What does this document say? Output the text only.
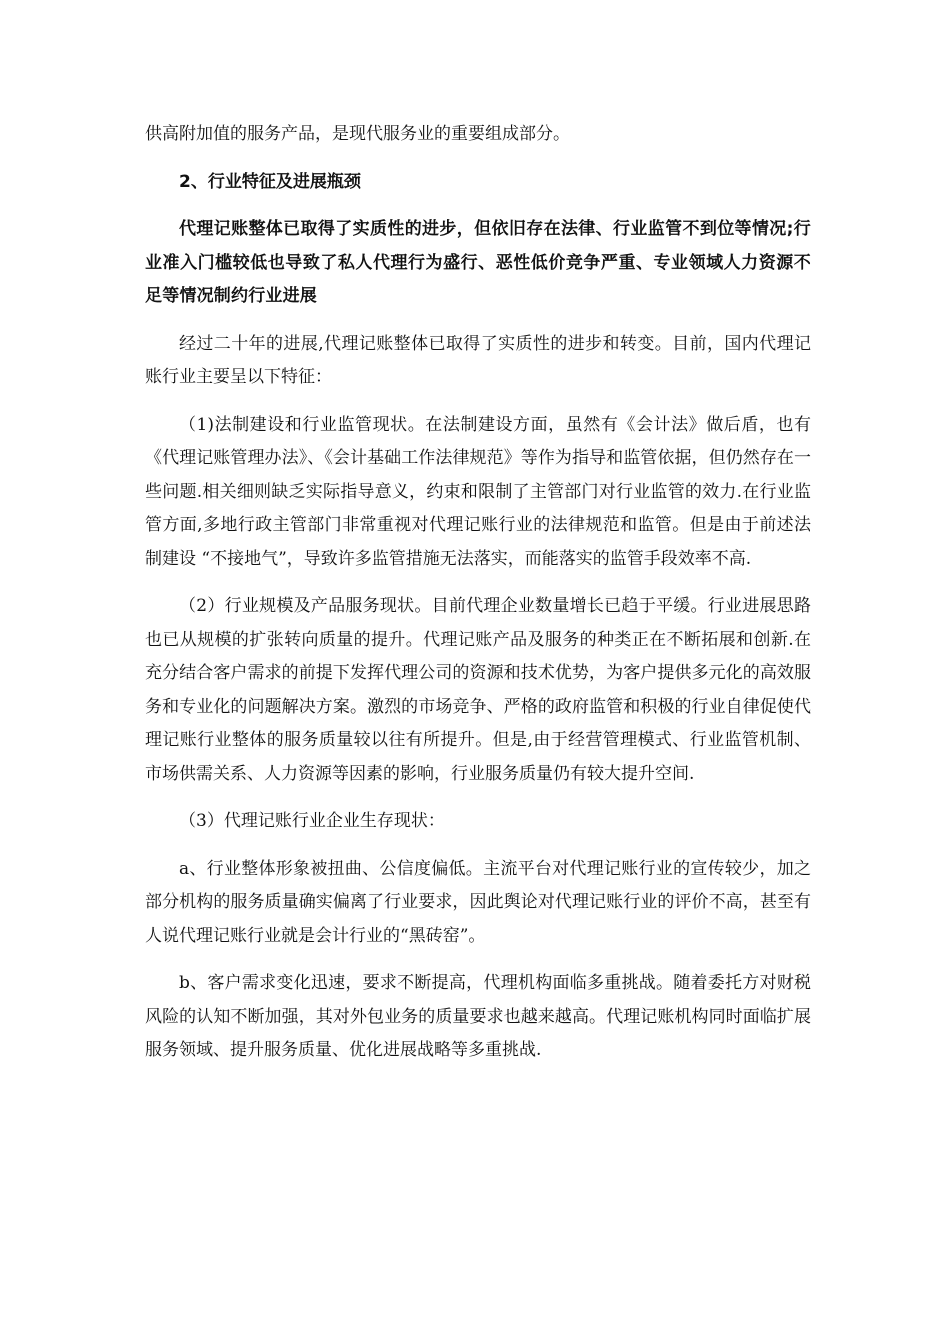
供高附加值的服务产品，是现代服务业的重要组成部分。

2、行业特征及进展瓶颈

代理记账整体已取得了实质性的进步，但依旧存在法律、行业监管不到位等情况;行业准入门槛较低也导致了私人代理行为盛行、恶性低价竞争严重、专业领域人力资源不足等情况制约行业进展

经过二十年的进展,代理记账整体已取得了实质性的进步和转变。目前，国内代理记账行业主要呈以下特征：

（1)法制建设和行业监管现状。在法制建设方面，虽然有《会计法》做后盾，也有《代理记账管理办法》、《会计基础工作法律规范》等作为指导和监管依据，但仍然存在一些问题.相关细则缺乏实际指导意义，约束和限制了主管部门对行业监管的效力.在行业监管方面,多地行政主管部门非常重视对代理记账行业的法律规范和监管。但是由于前述法制建设 “不接地气”，导致许多监管措施无法落实，而能落实的监管手段效率不高.

（2）行业规模及产品服务现状。目前代理企业数量增长已趋于平缓。行业进展思路也已从规模的扩张转向质量的提升。代理记账产品及服务的种类正在不断拓展和创新.在充分结合客户需求的前提下发挥代理公司的资源和技术优势，为客户提供多元化的高效服务和专业化的问题解决方案。激烈的市场竞争、严格的政府监管和积极的行业自律促使代理记账行业整体的服务质量较以往有所提升。但是,由于经营管理模式、行业监管机制、市场供需关系、人力资源等因素的影响，行业服务质量仍有较大提升空间.

（3）代理记账行业企业生存现状：

a、行业整体形象被扭曲、公信度偏低。主流平台对代理记账行业的宣传较少，加之部分机构的服务质量确实偏离了行业要求，因此舆论对代理记账行业的评价不高，甚至有人说代理记账行业就是会计行业的“黑砖窑”。

b、客户需求变化迅速，要求不断提高，代理机构面临多重挑战。随着委托方对财税风险的认知不断加强，其对外包业务的质量要求也越来越高。代理记账机构同时面临扩展服务领域、提升服务质量、优化进展战略等多重挑战.
